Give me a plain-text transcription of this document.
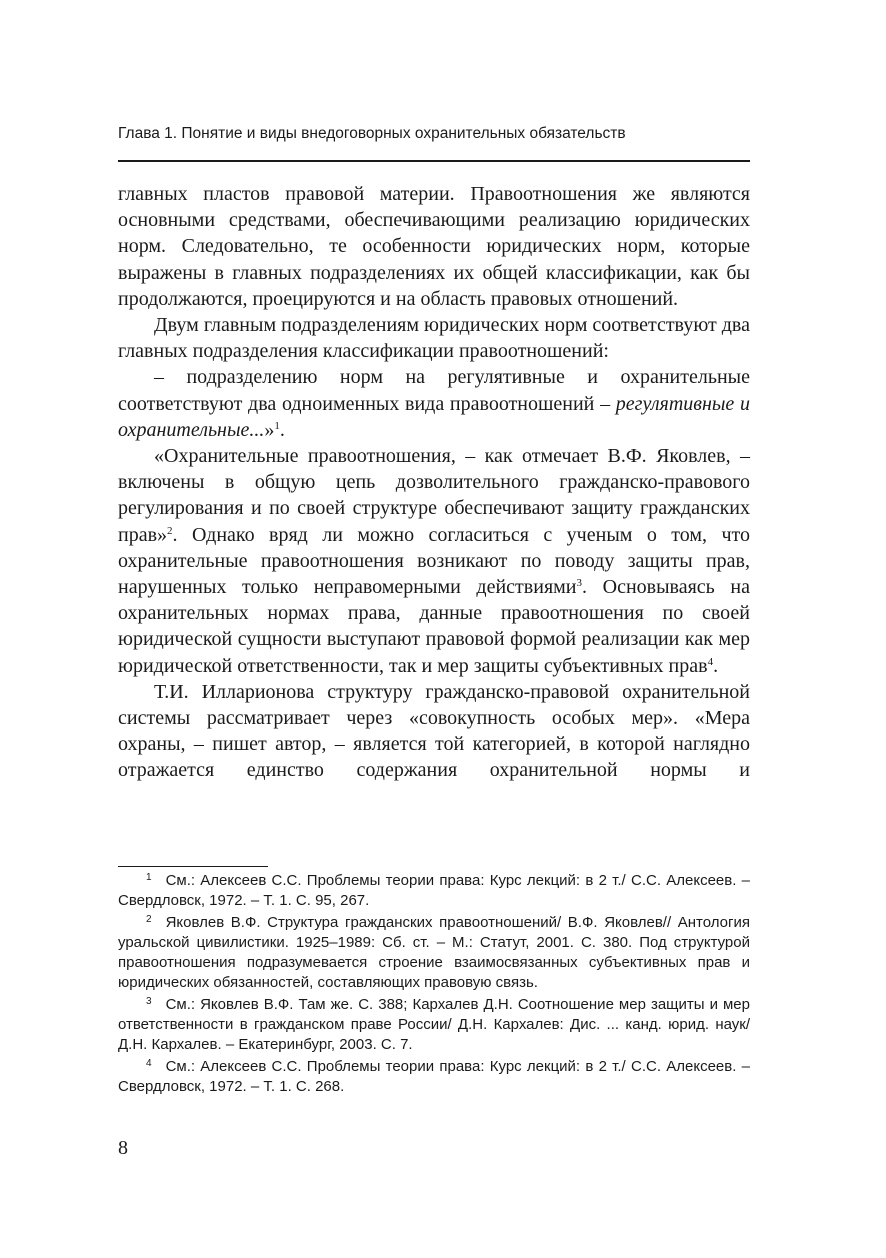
Глава 1. Понятие и виды внедоговорных охранительных обязательств

главных пластов правовой материи. Правоотношения же являются основными средствами, обеспечивающими реализацию юридических норм. Следовательно, те особенности юридических норм, которые выражены в главных подразделениях их общей классификации, как бы продолжаются, проецируются и на область правовых отношений.

Двум главным подразделениям юридических норм соответствуют два главных подразделения классификации правоотношений:

– подразделению норм на регулятивные и охранительные соответствуют два одноименных вида правоотношений – регулятивные и охранительные...»$^1$.

«Охранительные правоотношения, – как отмечает В.Ф. Яковлев, – включены в общую цепь дозволительного гражданско-правового регулирования и по своей структуре обеспечивают защиту гражданских прав»$^2$. Однако вряд ли можно согласиться с ученым о том, что охранительные правоотношения возникают по поводу защиты прав, нарушенных только неправомерными действиями$^3$. Основываясь на охранительных нормах права, данные правоотношения по своей юридической сущности выступают правовой формой реализации как мер юридической ответственности, так и мер защиты субъективных прав$^4$.

Т.И. Илларионова структуру гражданско-правовой охранительной системы рассматривает через «совокупность особых мер». «Мера охраны, – пишет автор, – является той категорией, в которой наглядно отражается единство содержания охранительной нормы и

$^1$ См.: Алексеев С.С. Проблемы теории права: Курс лекций: в 2 т./ С.С. Алексеев. – Свердловск, 1972. – Т. 1. С. 95, 267.

$^2$ Яковлев В.Ф. Структура гражданских правоотношений/ В.Ф. Яковлев// Антология уральской цивилистики. 1925–1989: Сб. ст. – М.: Статут, 2001. С. 380. Под структурой правоотношения подразумевается строение взаимосвязанных субъективных прав и юридических обязанностей, составляющих правовую связь.

$^3$ См.: Яковлев В.Ф. Там же. С. 388; Кархалев Д.Н. Соотношение мер защиты и мер ответственности в гражданском праве России/ Д.Н. Кархалев: Дис. ... канд. юрид. наук/ Д.Н. Кархалев. – Екатеринбург, 2003. С. 7.

$^4$ См.: Алексеев С.С. Проблемы теории права: Курс лекций: в 2 т./ С.С. Алексеев. – Свердловск, 1972. – Т. 1. С. 268.

8
